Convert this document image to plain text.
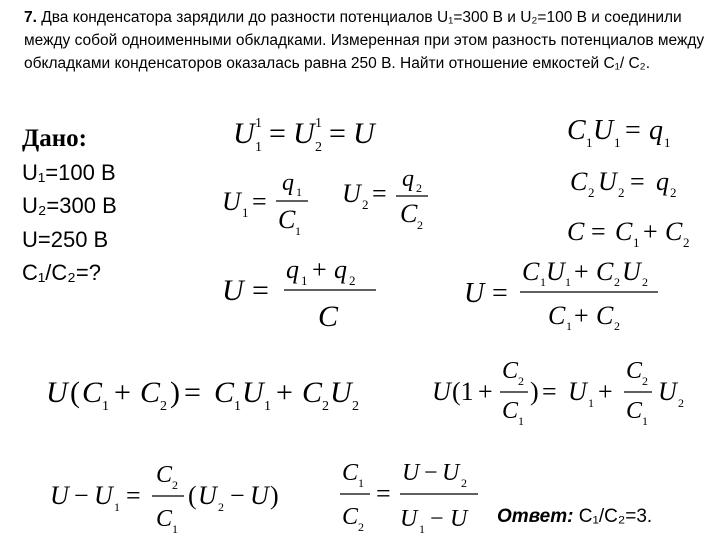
7. Два конденсатора зарядили до разности потенциалов U₁=300 В и U₂=100 В и соединили между собой одноименными обкладками. Измеренная при этом разность потенциалов между обкладками конденсаторов оказалась равна 250 В. Найти отношение емкостей C₁/ C₂.
Дано:
U₁=100 В
U₂=300 В
U=250 В
C₁/C₂=?
U 1
1 = U 1
2 = U	C 1 U 1 = q 1
U 1 =
q 1
C 1
U 2 = q 2
C 2
C 2 U 2 = q 2
C = C 1 + C 2
U =
q 1 + q 2
C
U =
C 1 U 1 + C 2 U 2
C 1 + C 2
U ( C 1 + C 2 ) = C 1 U 1 + C 2 U 2
U (1 +
C 2
C 1
) = U 1 +
C 2
C 1
U 2
U − U 1 =
C 2
C 1
( U 2 − U )
C 1
C 2
=
U − U 2
U 1 − U Ответ: C₁/C₂=3.
